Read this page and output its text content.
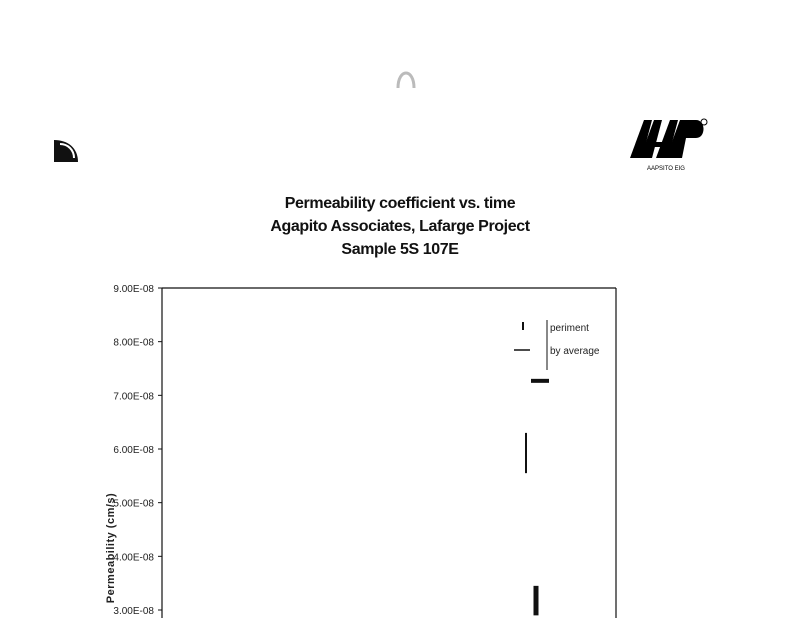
AAPSITO EIG
Permeability coefficient vs. time
Agapito Associates, Lafarge Project
Sample 5S 107E
9.00E-08
8.00E-08
7.00E-08
6.00E-08
5.00E-08
4.00E-08
3.00E-08
Permeability (cm/s)
periment
by average
